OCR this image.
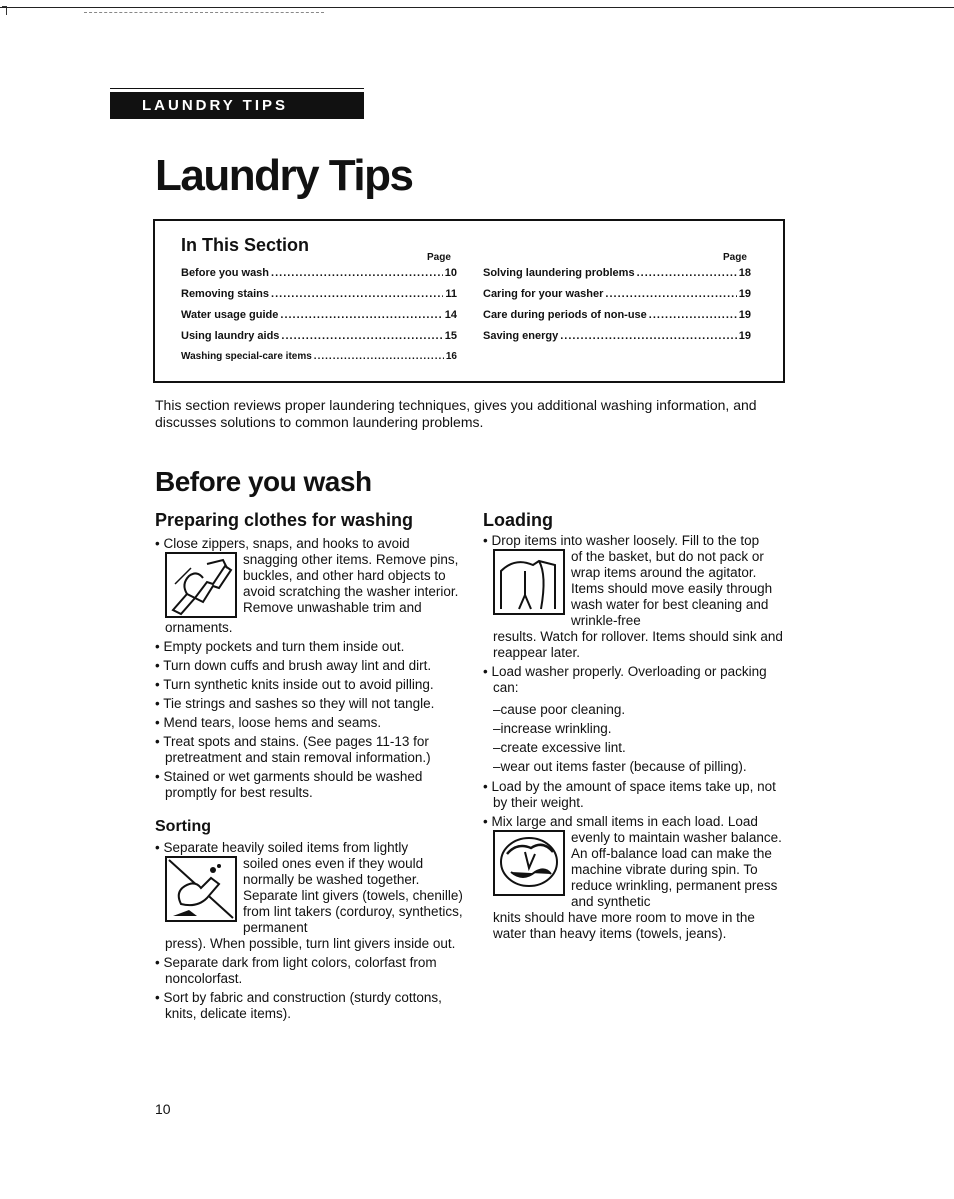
LAUNDRY TIPS
Laundry Tips
In This Section
Page	Page
Before you wash .....	10
Removing stains .....	11
Water usage guide .....	14
Using laundry aids .....	15
Washing special-care items .....	16
Solving laundering problems .....	18
Caring for your washer .....	19
Care during periods of non-use .....	19
Saving energy .....	19

This section reviews proper laundering techniques, gives you additional washing information, and discusses solutions to common laundering problems.

Before you wash
Preparing clothes for washing

• Close zippers, snaps, and hooks to avoid

snagging other items. Remove pins, buckles, and other hard objects to avoid scratching the washer interior. Remove unwashable trim and

ornaments.

• Empty pockets and turn them inside out.

• Turn down cuffs and brush away lint and dirt.

• Turn synthetic knits inside out to avoid pilling.

• Tie strings and sashes so they will not tangle.

• Mend tears, loose hems and seams.

• Treat spots and stains. (See pages 11-13 for pretreatment and stain removal information.)

• Stained or wet garments should be washed promptly for best results.

Sorting

• Separate heavily soiled items from lightly

soiled ones even if they would normally be washed together. Separate lint givers (towels, chenille) from lint takers (corduroy, synthetics, permanent

press). When possible, turn lint givers inside out.

• Separate dark from light colors, colorfast from noncolorfast.

• Sort by fabric and construction (sturdy cottons, knits, delicate items).

Loading

• Drop items into washer loosely. Fill to the top

of the basket, but do not pack or wrap items around the agitator. Items should move easily through wash water for best cleaning and wrinkle-free

results. Watch for rollover. Items should sink and reappear later.

• Load washer properly. Overloading or packing can:

–cause poor cleaning.

–increase wrinkling.

–create excessive lint.

–wear out items faster (because of pilling).

• Load by the amount of space items take up, not by their weight.

• Mix large and small items in each load. Load

evenly to maintain washer balance. An off-balance load can make the machine vibrate during spin. To reduce wrinkling, permanent press and synthetic

knits should have more room to move in the water than heavy items (towels, jeans).

10
